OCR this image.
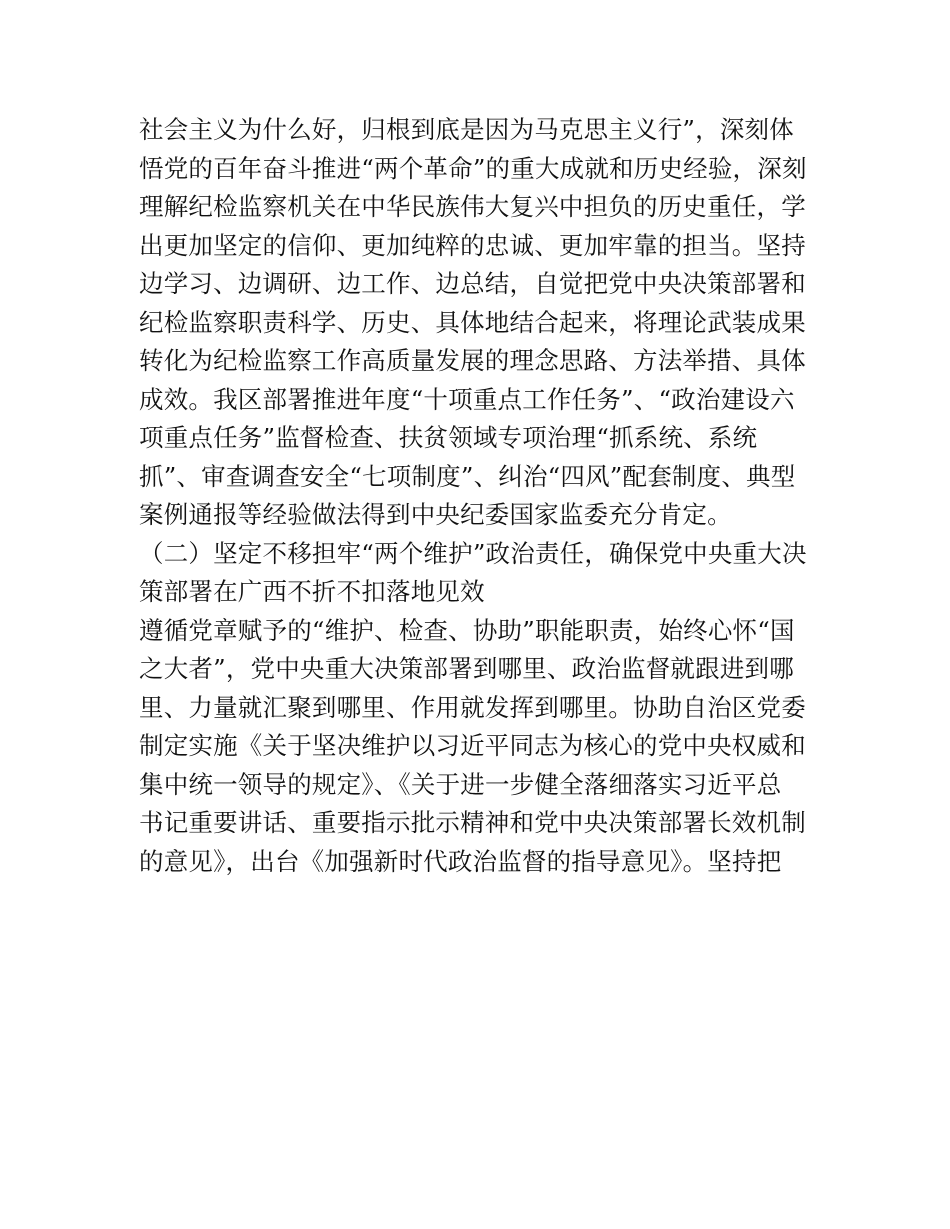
社会主义为什么好，归根到底是因为马克思主义行”，深刻体
悟党的百年奋斗推进“两个革命”的重大成就和历史经验，深刻
理解纪检监察机关在中华民族伟大复兴中担负的历史重任，学
出更加坚定的信仰、更加纯粹的忠诚、更加牢靠的担当。坚持
边学习、边调研、边工作、边总结，自觉把党中央决策部署和
纪检监察职责科学、历史、具体地结合起来，将理论武装成果
转化为纪检监察工作高质量发展的理念思路、方法举措、具体
成效。我区部署推进年度“十项重点工作任务”、“政治建设六
项重点任务”监督检查、扶贫领域专项治理“抓系统、系统
抓”、审查调查安全“七项制度”、纠治“四风”配套制度、典型
案例通报等经验做法得到中央纪委国家监委充分肯定。
（二）坚定不移担牢“两个维护”政治责任，确保党中央重大决
策部署在广西不折不扣落地见效
遵循党章赋予的“维护、检查、协助”职能职责，始终心怀“国
之大者”，党中央重大决策部署到哪里、政治监督就跟进到哪
里、力量就汇聚到哪里、作用就发挥到哪里。协助自治区党委
制定实施《关于坚决维护以习近平同志为核心的党中央权威和
集中统一领导的规定》、《关于进一步健全落细落实习近平总
书记重要讲话、重要指示批示精神和党中央决策部署长效机制
的意见》，出台《加强新时代政治监督的指导意见》。坚持把
